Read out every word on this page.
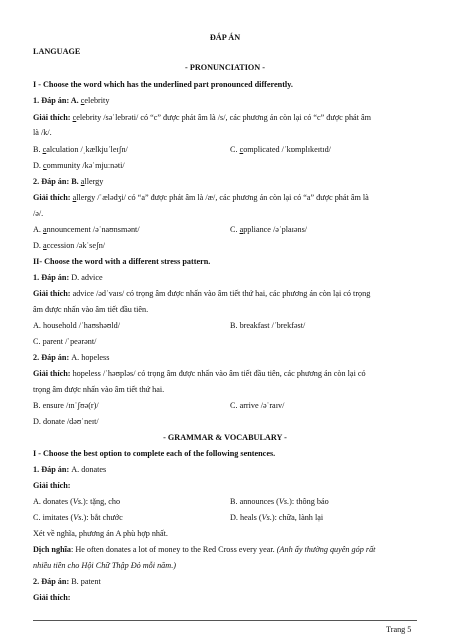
ĐÁP ÁN
LANGUAGE
- PRONUNCIATION -
I - Choose the word which has the underlined part pronounced differently.
1. Đáp án: A. celebrity
Giải thích: celebrity /səˈlebrəti/ có “c” được phát âm là /s/, các phương án còn lại có “c” được phát âm
là /k/.
B. calculation /ˌkælkjuˈleɪʃn/	C. complicated /ˈkɒmplɪkeɪtɪd/
D. community /kəˈmjuːnəti/
2. Đáp án: B. allergy
Giải thích: allergy /ˈælədʒi/ có “a” được phát âm là /æ/, các phương án còn lại có “a” được phát âm là
/ə/.
A. announcement /əˈnaʊnsmənt/	C. appliance /əˈplaɪəns/
D. accession /əkˈseʃn/
II- Choose the word with a different stress pattern.
1. Đáp án: D. advice
Giải thích: advice /ədˈvaɪs/ có trọng âm được nhấn vào âm tiết thứ hai, các phương án còn lại có trọng
âm được nhấn vào âm tiết đầu tiên.
A. household /ˈhaʊshəʊld/	B. breakfast /ˈbrekfəst/
C. parent /ˈpeərənt/
2. Đáp án: A. hopeless
Giải thích: hopeless /ˈhəʊpləs/ có trọng âm được nhấn vào âm tiết đầu tiên, các phương án còn lại có
trọng âm được nhấn vào âm tiết thứ hai.
B. ensure /ɪnˈʃʊə(r)/	C. arrive /əˈraɪv/
D. donate /dəʊˈneɪt/
- GRAMMAR & VOCABULARY -
I - Choose the best option to complete each of the following sentences.
1. Đáp án: A. donates
Giải thích:
A. donates (Vs.): tặng, cho	B. announces (Vs.): thông báo
C. imitates (Vs.): bắt chước	D. heals (Vs.): chữa, lành lại
Xét về nghĩa, phương án A phù hợp nhất.
Dịch nghĩa: He often donates a lot of money to the Red Cross every year. (Anh ấy thường quyên góp rất
nhiều tiền cho Hội Chữ Thập Đỏ mỗi năm.)
2. Đáp án: B. patent
Giải thích:
Trang 5
